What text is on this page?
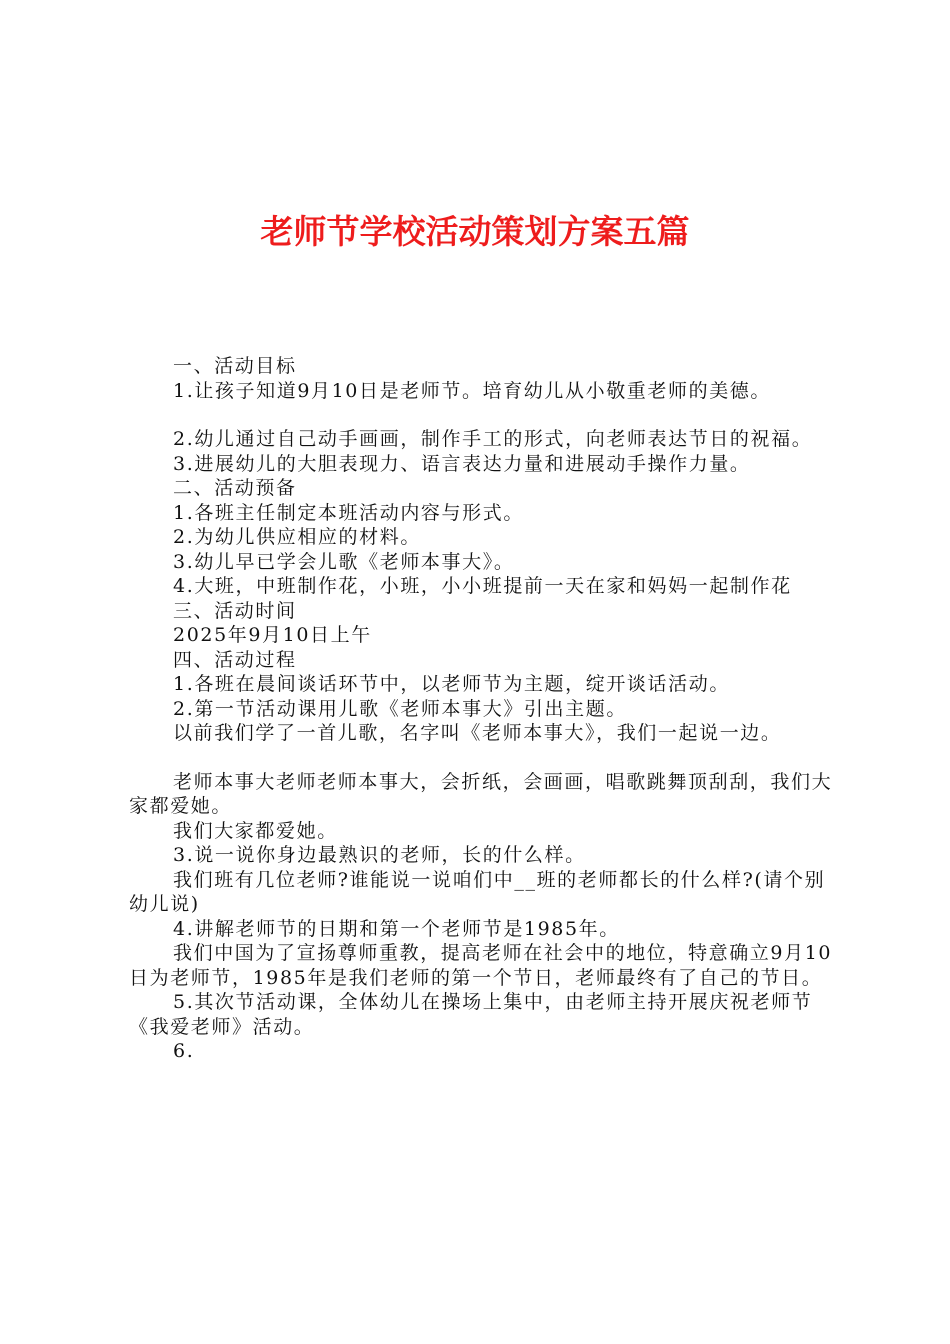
老师节学校活动策划方案五篇

一、活动目标

1.让孩子知道9月10日是老师节。培育幼儿从小敬重老师的美德。

2.幼儿通过自己动手画画，制作手工的形式，向老师表达节日的祝福。

3.进展幼儿的大胆表现力、语言表达力量和进展动手操作力量。

二、活动预备

1.各班主任制定本班活动内容与形式。

2.为幼儿供应相应的材料。

3.幼儿早已学会儿歌《老师本事大》。

4.大班，中班制作花，小班，小小班提前一天在家和妈妈一起制作花

三、活动时间

2025年9月10日上午

四、活动过程

1.各班在晨间谈话环节中，以老师节为主题，绽开谈话活动。

2.第一节活动课用儿歌《老师本事大》引出主题。

以前我们学了一首儿歌，名字叫《老师本事大》，我们一起说一边。

老师本事大老师老师本事大，会折纸，会画画，唱歌跳舞顶刮刮，我们大家都爱她。

我们大家都爱她。

3.说一说你身边最熟识的老师，长的什么样。

我们班有几位老师?谁能说一说咱们中__班的老师都长的什么样?(请个别幼儿说)

4.讲解老师节的日期和第一个老师节是1985年。

我们中国为了宣扬尊师重教，提高老师在社会中的地位，特意确立9月10日为老师节，1985年是我们老师的第一个节日，老师最终有了自己的节日。

5.其次节活动课，全体幼儿在操场上集中，由老师主持开展庆祝老师节《我爱老师》活动。

6.
